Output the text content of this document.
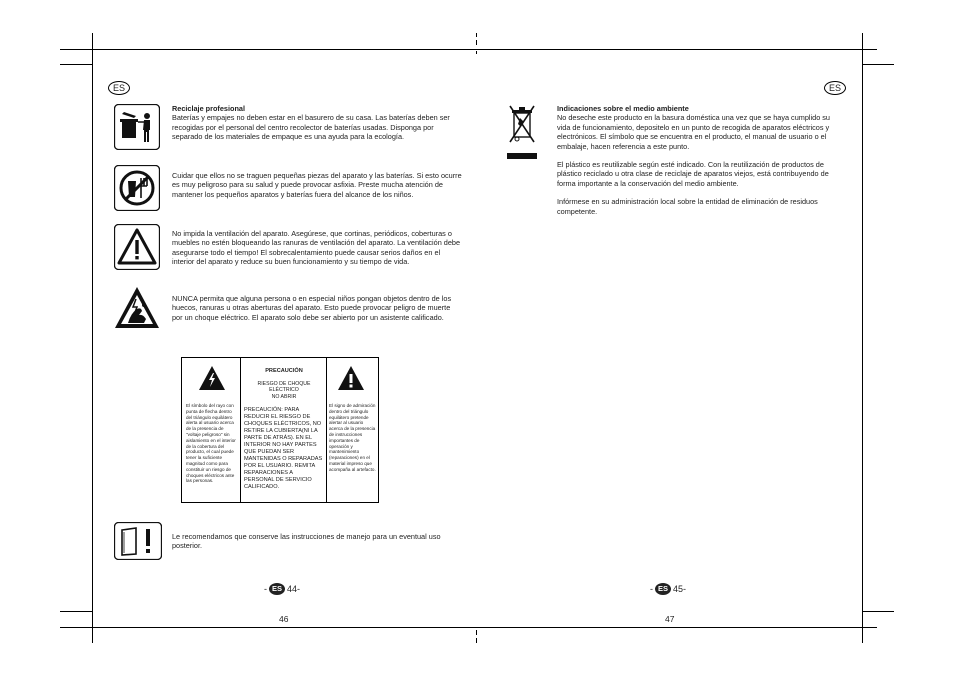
ES
Reciclaje profesional
Baterías y empajes no deben estar en el basurero de su casa. Las baterías deben ser recogidas por el personal del centro recolector de baterías usadas. Disponga por separado de los materiales de empaque es una ayuda para la ecología.
Cuidar que ellos no se traguen pequeñas piezas del aparato y las baterías. Si esto ocurre es muy peligroso para su salud y puede provocar asfixia. Preste mucha atención de mantener los pequeños aparatos y baterías fuera del alcance de los niños.
No impida la ventilación del aparato. Asegúrese, que cortinas, periódicos, coberturas o muebles no estén bloqueando las ranuras de ventilación del aparato. La ventilación debe asegurarse todo el tiempo! El sobrecalentamiento puede causar serios daños en el interior del aparato y reduce su buen funcionamiento y su tiempo de vida.
NUNCA permita que alguna persona o en especial niños pongan objetos dentro de los huecos, ranuras u otras aberturas del aparato. Esto puede provocar peligro de muerte por un choque eléctrico. El aparato solo debe ser abierto por un asistente calificado.
El símbolo del rayo con punta de flecha dentro del triángulo equilátero alerta al usuario acerca de la presencia de "voltaje peligroso" sin aislamiento en el interior de la cobertura del producto, el cual puede tener la suficiente magnitud como para constituir un riesgo de choques eléctricos ante las personas.
PRECAUCIÓN
RIESGO DE CHOQUE ELÉCTRICO
NO ABRIR
PRECAUCIÓN: PARA REDUCIR EL RIESGO DE CHOQUES ELÉCTRICOS, NO RETIRE LA CUBIERTA(NI LA PARTE DE ATRÁS). EN EL INTERIOR NO HAY PARTES QUE PUEDAN SER MANTENIDAS O REPARADAS POR EL USUARIO. REMITA REPARACIONES A PERSONAL DE SERVICIO CALIFICADO.
El signo de admiración dentro del triángulo equilátero pretende alertar al usuario acerca de la presencia de instrucciones importantes de operación y mantenimiento (reparaciones) en el material impreso que acompaña al artefacto.
Le recomendamos que conserve las instrucciones de manejo para un eventual uso posterior.
- ES 44-
46
ES
Indicaciones sobre el medio ambiente
No deseche este producto en la basura doméstica una vez que se haya cumplido su vida de funcionamiento, depositelo en un punto de recogida de aparatos eléctricos y electrónicos. El símbolo que se encuentra en el producto, el manual de usuario o el embalaje, hacen referencia a este punto.
El plástico es reutilizable según esté indicado. Con la reutilización de productos de plástico reciclado u otra clase de reciclaje de aparatos viejos, está contribuyendo de forma importante a la conservación del medio ambiente.
Infórmese en su administración local sobre la entidad de eliminación de residuos competente.
- ES 45-
47
